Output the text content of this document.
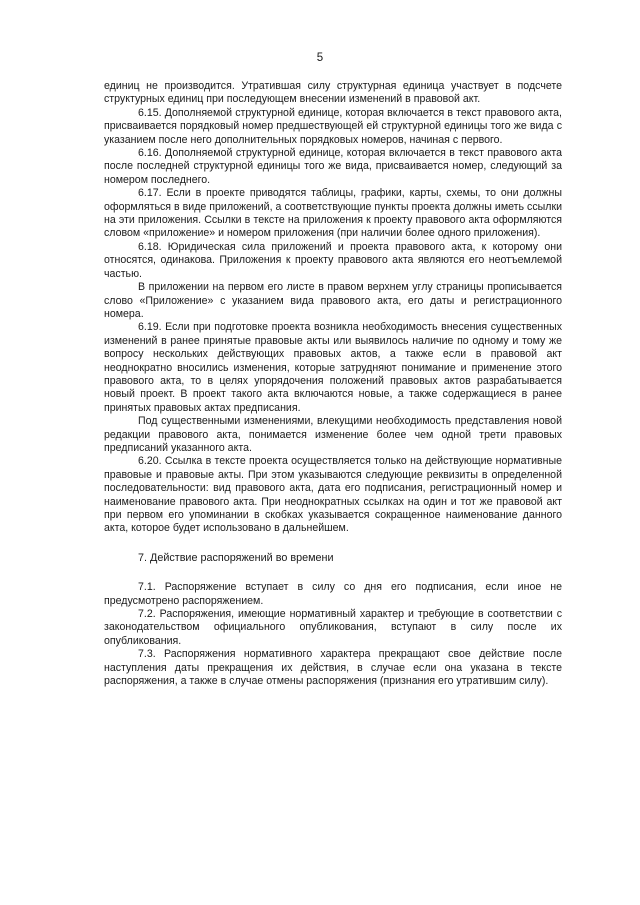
5

единиц не производится. Утратившая силу структурная единица участвует в подсчете структурных единиц при последующем внесении изменений в правовой акт.

6.15. Дополняемой структурной единице, которая включается в текст правового акта, присваивается порядковый номер предшествующей ей структурной единицы того же вида с указанием после него дополнительных порядковых номеров, начиная с первого.

6.16. Дополняемой структурной единице, которая включается в текст правового акта после последней структурной единицы того же вида, присваивается номер, следующий за номером последнего.

6.17. Если в проекте приводятся таблицы, графики, карты, схемы, то они должны оформляться в виде приложений, а соответствующие пункты проекта должны иметь ссылки на эти приложения. Ссылки в тексте на приложения к проекту правового акта оформляются словом «приложение» и номером приложения (при наличии более одного приложения).

6.18. Юридическая сила приложений и проекта правового акта, к которому они относятся, одинакова. Приложения к проекту правового акта являются его неотъемлемой частью.

В приложении на первом его листе в правом верхнем углу страницы прописывается слово «Приложение» с указанием вида правового акта, его даты и регистрационного номера.

6.19. Если при подготовке проекта возникла необходимость внесения существенных изменений в ранее принятые правовые акты или выявилось наличие по одному и тому же вопросу нескольких действующих правовых актов, а также если в правовой акт неоднократно вносились изменения, которые затрудняют понимание и применение этого правового акта, то в целях упорядочения положений правовых актов разрабатывается новый проект. В проект такого акта включаются новые, а также содержащиеся в ранее принятых правовых актах предписания.

Под существенными изменениями, влекущими необходимость представления новой редакции правового акта, понимается изменение более чем одной трети правовых предписаний указанного акта.

6.20. Ссылка в тексте проекта осуществляется только на действующие нормативные правовые и правовые акты. При этом указываются следующие реквизиты в определенной последовательности: вид правового акта, дата его подписания, регистрационный номер и наименование правового акта. При неоднократных ссылках на один и тот же правовой акт при первом его упоминании в скобках указывается сокращенное наименование данного акта, которое будет использовано в дальнейшем.

7. Действие распоряжений во времени

7.1. Распоряжение вступает в силу со дня его подписания, если иное не предусмотрено распоряжением.

7.2. Распоряжения, имеющие нормативный характер и требующие в соответствии с законодательством официального опубликования, вступают в силу после их опубликования.

7.3. Распоряжения нормативного характера прекращают свое действие после наступления даты прекращения их действия, в случае если она указана в тексте распоряжения, а также в случае отмены распоряжения (признания его утратившим силу).
